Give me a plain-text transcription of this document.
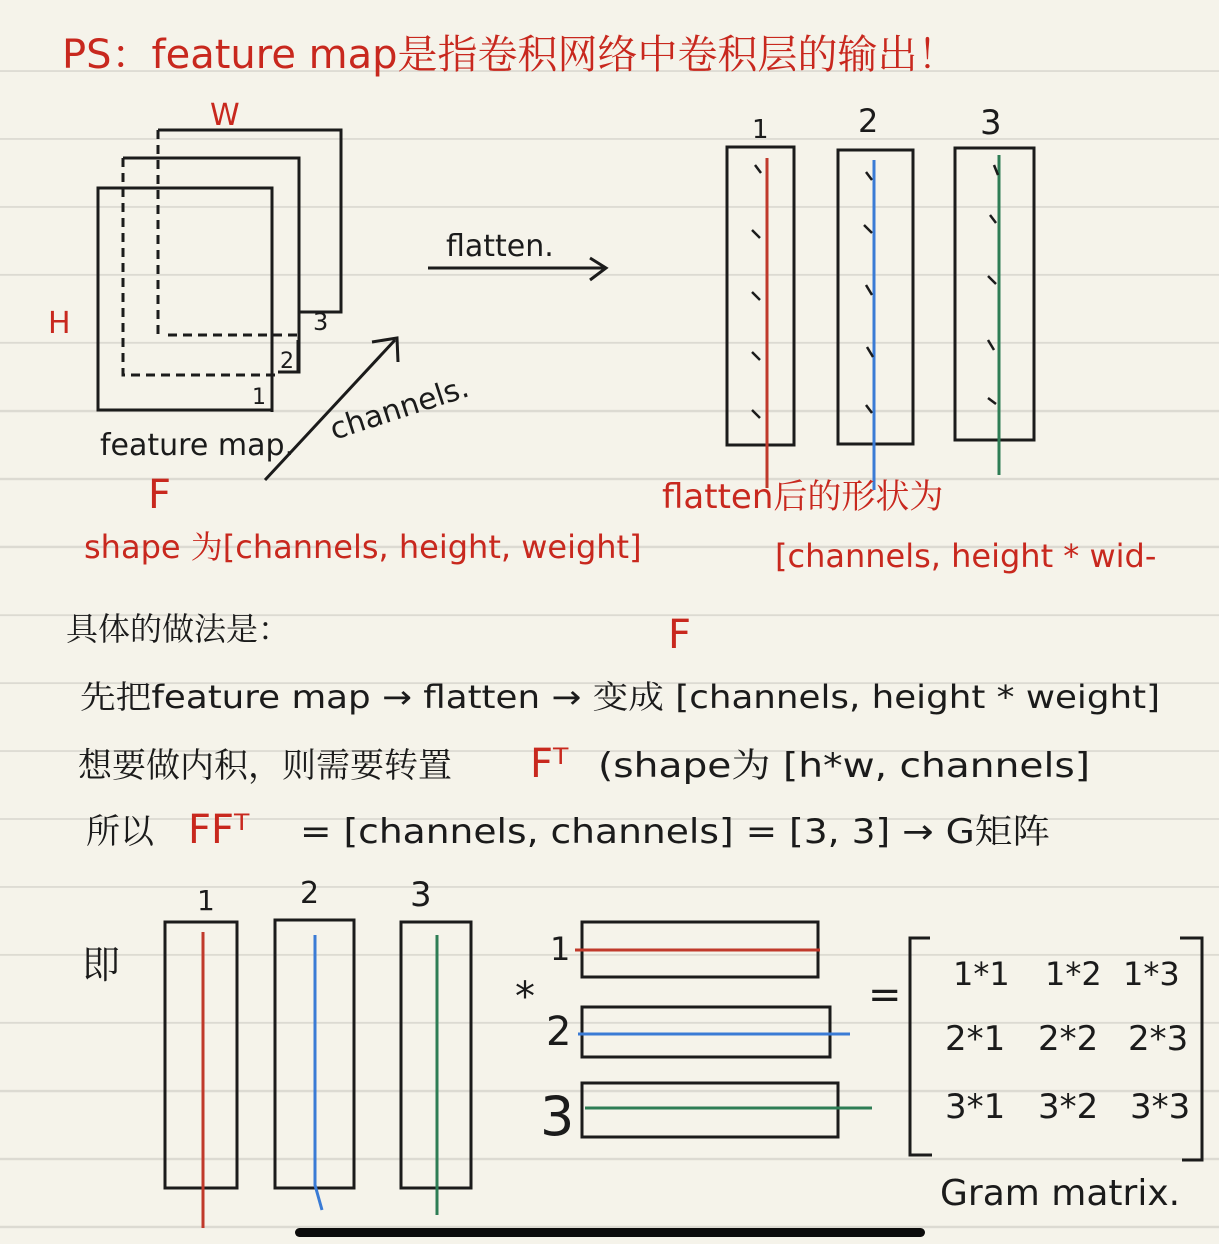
PS：feature map是指卷积网络中卷积层的输出！
W
H
1
2
3
feature map.
F
channels.
shape 为[channels, height, weight]
flatten.
1	2	3
flatten后的形状为
[channels, height * wid-
具体的做法是：	F
先把feature map → flatten → 变成 [channels, height * weight]
想要做内积，则需要转置 Fᵀ (shape为 [h*w, channels]
所以 FFᵀ = [channels, channels] = [3, 3] → G矩阵
即
1	2	3
*
1
2
3
= 1*1 1*2 1*3
2*1 2*2 2*3
3*1 3*2 3*3
Gram matrix.
